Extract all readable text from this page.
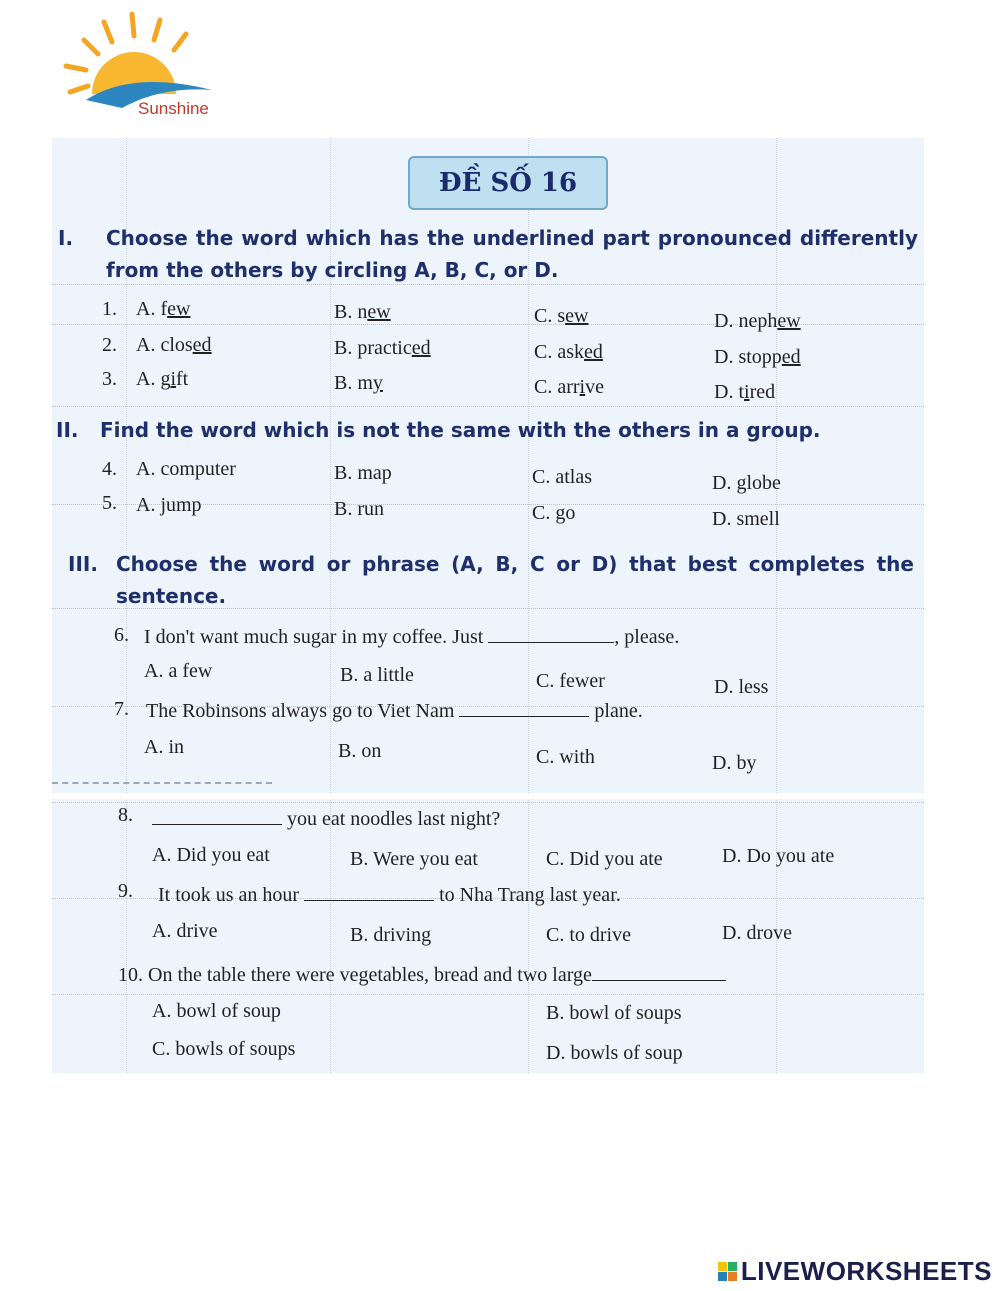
Sunshine
ĐỀ SỐ 16
I. Choose the word which has the underlined part pronounced differently from the others by circling A, B, C, or D.
1. A. few	B. new	C. sew	D. nephew
2. A. closed	B. practiced	C. asked	D. stopped
3. A. gift	B. my	C. arrive	D. tired
II. Find the word which is not the same with the others in a group.
4. A. computer	B. map	C. atlas	D. globe
5. A. jump	B. run	C. go	D. smell
III. Choose the word or phrase (A, B, C or D) that best completes the sentence.
6. I don't want much sugar in my coffee. Just	, please.
A. a few	B. a little	C. fewer	D. less
7. The Robinsons always go to Viet Nam	plane.
A. in	B. on	C. with	D. by
8.	you eat noodles last night?
A. Did you eat	B. Were you eat	C. Did you ate	D. Do you ate
9. It took us an hour	to Nha Trang last year.
A. drive	B. driving	C. to drive	D. drove
10. On the table there were vegetables, bread and two large
A. bowl of soup	B. bowl of soups
C. bowls of soups	D. bowls of soup
LIVEWORKSHEETS
